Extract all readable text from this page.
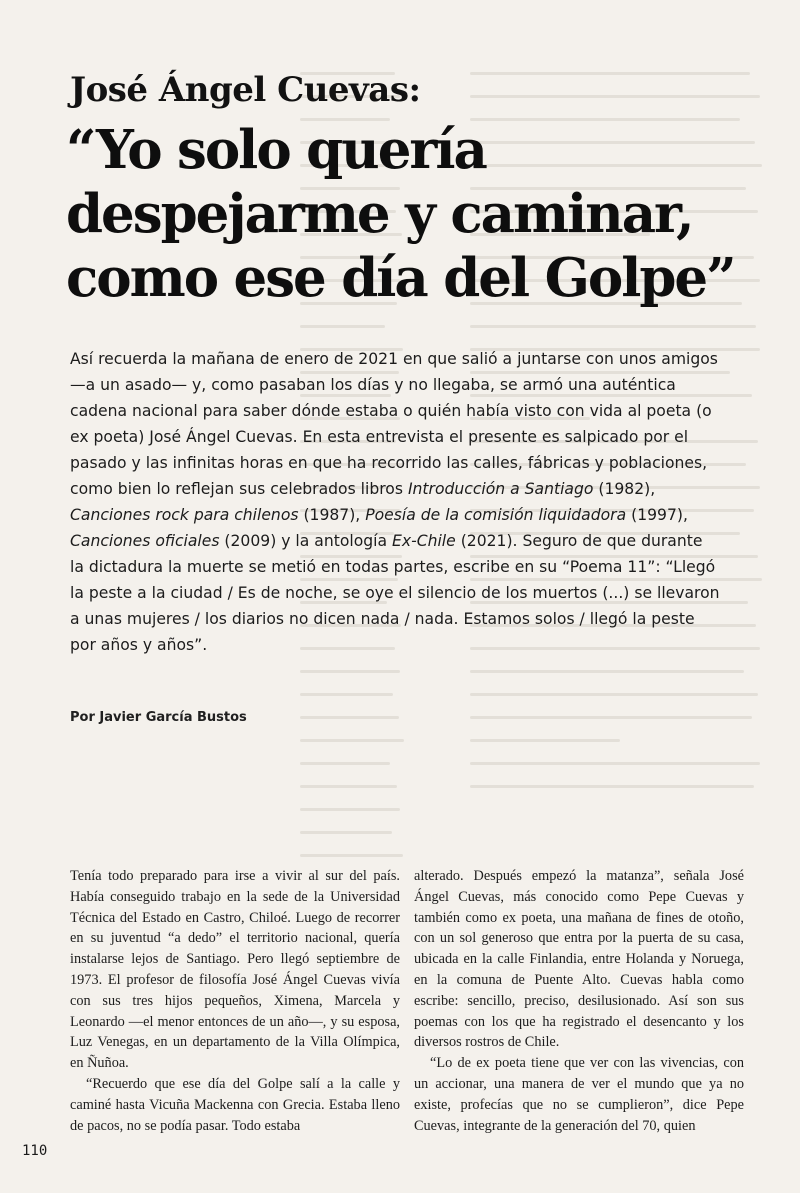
José Ángel Cuevas:
“Yo solo quería despejarme y caminar, como ese día del Golpe”

Así recuerda la mañana de enero de 2021 en que salió a juntarse con unos amigos —a un asado— y, como pasaban los días y no llegaba, se armó una auténtica cadena nacional para saber dónde estaba o quién había visto con vida al poeta (o ex poeta) José Ángel Cuevas. En esta entrevista el presente es salpicado por el pasado y las infinitas horas en que ha recorrido las calles, fábricas y poblaciones, como bien lo reflejan sus celebrados libros Introducción a Santiago (1982), Canciones rock para chilenos (1987), Poesía de la comisión liquidadora (1997), Canciones oficiales (2009) y la antología Ex-Chile (2021). Seguro de que durante la dictadura la muerte se metió en todas partes, escribe en su “Poema 11”: “Llegó la peste a la ciudad / Es de noche, se oye el silencio de los muertos (...) se llevaron a unas mujeres / los diarios no dicen nada / nada. Estamos solos / llegó la peste por años y años”.

Por Javier García Bustos

Tenía todo preparado para irse a vivir al sur del país. Había conseguido trabajo en la sede de la Universidad Técnica del Estado en Castro, Chiloé. Luego de recorrer en su juventud “a dedo” el territorio nacional, quería instalarse lejos de Santiago. Pero llegó septiembre de 1973. El profesor de filosofía José Ángel Cuevas vivía con sus tres hijos pequeños, Ximena, Marcela y Leonardo —el menor entonces de un año—, y su esposa, Luz Venegas, en un departamento de la Villa Olímpica, en Ñuñoa.

“Recuerdo que ese día del Golpe salí a la calle y caminé hasta Vicuña Mackenna con Grecia. Estaba lleno de pacos, no se podía pasar. Todo estaba

alterado. Después empezó la matanza”, señala José Ángel Cuevas, más conocido como Pepe Cuevas y también como ex poeta, una mañana de fines de otoño, con un sol generoso que entra por la puerta de su casa, ubicada en la calle Finlandia, entre Holanda y Noruega, en la comuna de Puente Alto. Cuevas habla como escribe: sencillo, preciso, desilusionado. Así son sus poemas con los que ha registrado el desencanto y los diversos rostros de Chile.

“Lo de ex poeta tiene que ver con las vivencias, con un accionar, una manera de ver el mundo que ya no existe, profecías que no se cumplieron”, dice Pepe Cuevas, integrante de la generación del 70, quien

110
